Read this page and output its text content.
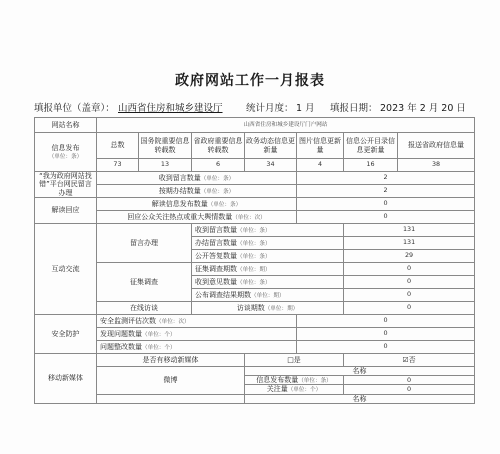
政府网站工作一月报表
填报单位（盖章）： 山西省住房和城乡建设厅 统计月度： 1 月 填报日期： 2023 年 2 月 20 日
网站名称	山西省住房和城乡建设厅门户网站						
信息发布
（单位：条）	总数	国务院重要信息转载数	省政府重要信息转载数	政务动态信息更新量	图片信息更新量	信息公开目录信息更新量	报送省政府信息量
	73	13	6	34	4	16	38
“我为政府网站找错”平台网民留言办理	收到留言数量（单位：条）				2		
	按期办结数量（单位：条）				2		
解读回应	解读信息发布数量（单位：条）				0		
	回应公众关注热点或重大舆情数量（单位：次）				0		
互动交流	留言办理		收到留言数量（单位：条）			131	
			办结留言数量（单位：条）			131	
			公开答复数量（单位：条）			29	
	征集调查		征集调查期数（单位：期）			0	
			收到意见数量（单位：条）			0	
			公布调查结果期数（单位：期）			0	
	在线访谈		访谈期数（单位：期）			0	
安全防护	安全监测评估次数（单位：次）				0		
	发现问题数量（单位：个）				0		
	问题整改数量（单位：个）				0		
移动新媒体	是否有移动新媒体			□是		☑否	
	微博			名称			
				信息发布数量（单位：条）		0	
				关注量（单位：个）		0	
				名称			
